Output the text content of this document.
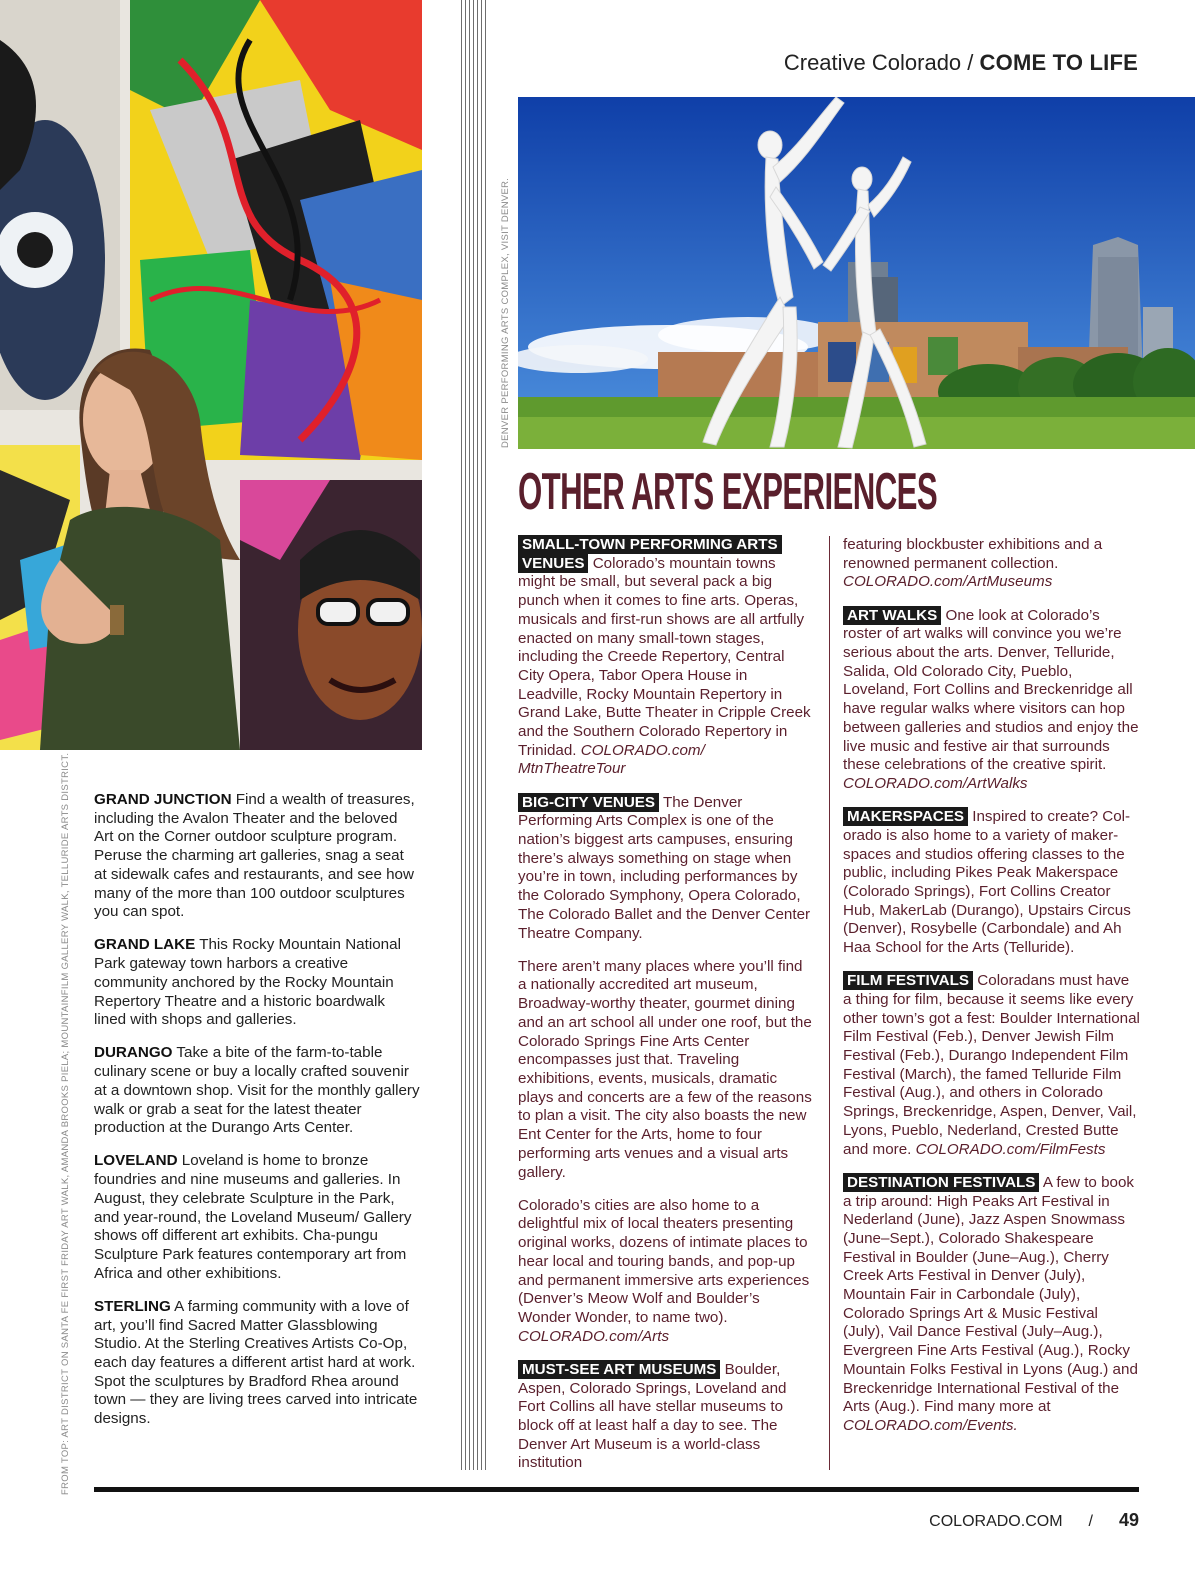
FROM TOP: ART DISTRICT ON SANTA FE FIRST FRIDAY ART WALK, AMANDA BROOKS PIELA; MOUNTAINFILM GALLERY WALK, TELLURIDE ARTS DISTRICT.
Creative Colorado / COME TO LIFE
DENVER PERFORMING ARTS COMPLEX, VISIT DENVER.
OTHER ARTS EXPERIENCES

GRAND JUNCTION Find a wealth of treasures, including the Avalon Theater and the beloved Art on the Corner outdoor sculpture program. Peruse the charming art galleries, snag a seat at sidewalk cafes and restaurants, and see how many of the more than 100 outdoor sculptures you can spot.

GRAND LAKE This Rocky Mountain National Park gateway town harbors a creative community anchored by the Rocky Mountain Repertory Theatre and a historic boardwalk lined with shops and galleries.

DURANGO Take a bite of the farm-to-table culinary scene or buy a locally crafted souvenir at a downtown shop. Visit for the monthly gallery walk or grab a seat for the latest theater production at the Durango Arts Center.

LOVELAND Loveland is home to bronze foundries and nine museums and galleries. In August, they celebrate Sculpture in the Park, and year-round, the Loveland Museum/ Gallery shows off different art exhibits. Cha-pungu Sculpture Park features contemporary art from Africa and other exhibitions.

STERLING A farming community with a love of art, you’ll find Sacred Matter Glassblowing Studio. At the Sterling Creatives Artists Co-Op, each day features a different artist hard at work. Spot the sculptures by Bradford Rhea around town — they are living trees carved into intricate designs.

SMALL-TOWN PERFORMING ARTS VENUES Colorado’s mountain towns might be small, but several pack a big punch when it comes to fine arts. Operas, musicals and first-run shows are all artfully enacted on many small-town stages, including the Creede Repertory, Central City Opera, Tabor Opera House in Leadville, Rocky Mountain Repertory in Grand Lake, Butte Theater in Cripple Creek and the Southern Colorado Repertory in Trinidad. COLORADO.com/ MtnTheatreTour

BIG-CITY VENUES The Denver Performing Arts Complex is one of the nation’s biggest arts campuses, ensuring there’s always something on stage when you’re in town, including performances by the Colorado Symphony, Opera Colorado, The Colorado Ballet and the Denver Center Theatre Company.

There aren’t many places where you’ll find a nationally accredited art museum, Broadway-worthy theater, gourmet dining and an art school all under one roof, but the Colorado Springs Fine Arts Center encompasses just that. Traveling exhibitions, events, musicals, dramatic plays and concerts are a few of the reasons to plan a visit. The city also boasts the new Ent Center for the Arts, home to four performing arts venues and a visual arts gallery.

Colorado’s cities are also home to a delightful mix of local theaters presenting original works, dozens of intimate places to hear local and touring bands, and pop-up and permanent immersive arts experiences (Denver’s Meow Wolf and Boulder’s Wonder Wonder, to name two). COLORADO.com/Arts

MUST-SEE ART MUSEUMS Boulder, Aspen, Colorado Springs, Loveland and Fort Collins all have stellar museums to block off at least half a day to see. The Denver Art Museum is a world-class institution

featuring blockbuster exhibitions and a renowned permanent collection. COLORADO.com/ArtMuseums

ART WALKS One look at Colorado’s roster of art walks will convince you we’re serious about the arts. Denver, Telluride, Salida, Old Colorado City, Pueblo, Loveland, Fort Collins and Breckenridge all have regular walks where visitors can hop between galleries and studios and enjoy the live music and festive air that surrounds these celebrations of the creative spirit. COLORADO.com/ArtWalks

MAKERSPACES Inspired to create? Col-orado is also home to a variety of maker-spaces and studios offering classes to the public, including Pikes Peak Makerspace (Colorado Springs), Fort Collins Creator Hub, MakerLab (Durango), Upstairs Circus (Denver), Rosybelle (Carbondale) and Ah Haa School for the Arts (Telluride).

FILM FESTIVALS Coloradans must have a thing for film, because it seems like every other town’s got a fest: Boulder International Film Festival (Feb.), Denver Jewish Film Festival (Feb.), Durango Independent Film Festival (March), the famed Telluride Film Festival (Aug.), and others in Colorado Springs, Breckenridge, Aspen, Denver, Vail, Lyons, Pueblo, Nederland, Crested Butte and more. COLORADO.com/FilmFests

DESTINATION FESTIVALS A few to book a trip around: High Peaks Art Festival in Nederland (June), Jazz Aspen Snowmass (June–Sept.), Colorado Shakespeare Festival in Boulder (June–Aug.), Cherry Creek Arts Festival in Denver (July), Mountain Fair in Carbondale (July), Colorado Springs Art & Music Festival (July), Vail Dance Festival (July–Aug.), Evergreen Fine Arts Festival (Aug.), Rocky Mountain Folks Festival in Lyons (Aug.) and Breckenridge International Festival of the Arts (Aug.). Find many more at COLORADO.com/Events.

COLORADO.COM / 49
